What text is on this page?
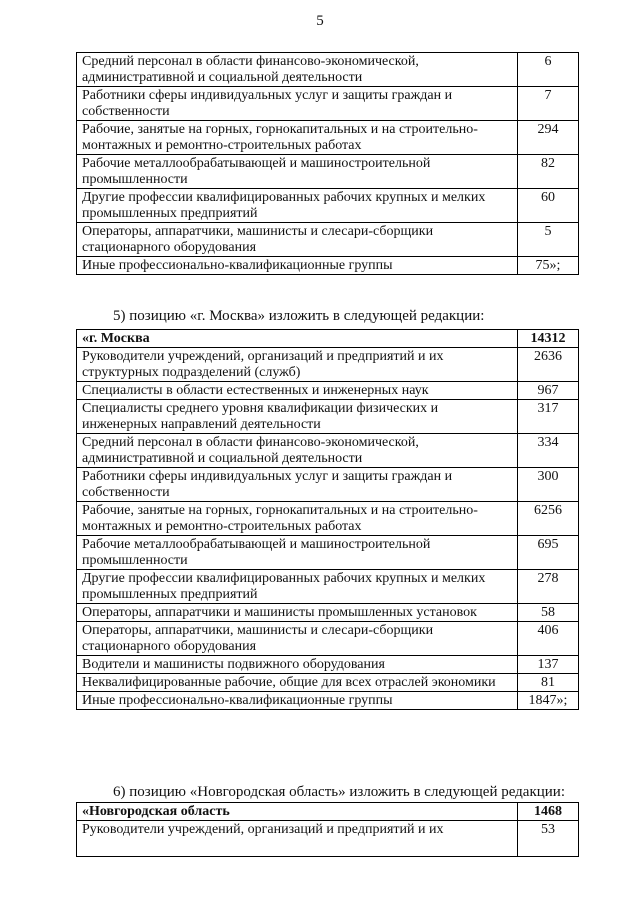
5
Средний персонал в области финансово-экономической, административной и социальной деятельности	6
Работники сферы индивидуальных услуг и защиты граждан и собственности	7
Рабочие, занятые на горных, горнокапитальных и на строительно-монтажных и ремонтно-строительных работах	294
Рабочие металлообрабатывающей и машиностроительной промышленности	82
Другие профессии квалифицированных рабочих крупных и мелких промышленных предприятий	60
Операторы, аппаратчики, машинисты и слесари-сборщики стационарного оборудования	5
Иные профессионально-квалификационные группы	75»;
5) позицию «г. Москва» изложить в следующей редакции:
«г. Москва	14312
Руководители учреждений, организаций и предприятий и их структурных подразделений (служб)	2636
Специалисты в области естественных и инженерных наук	967
Специалисты среднего уровня квалификации физических и инженерных направлений деятельности	317
Средний персонал в области финансово-экономической, административной и социальной деятельности	334
Работники сферы индивидуальных услуг и защиты граждан и собственности	300
Рабочие, занятые на горных, горнокапитальных и на строительно-монтажных и ремонтно-строительных работах	6256
Рабочие металлообрабатывающей и машиностроительной промышленности	695
Другие профессии квалифицированных рабочих крупных и мелких промышленных предприятий	278
Операторы, аппаратчики и машинисты промышленных установок	58
Операторы, аппаратчики, машинисты и слесари-сборщики стационарного оборудования	406
Водители и машинисты подвижного оборудования	137
Неквалифицированные рабочие, общие для всех отраслей экономики	81
Иные профессионально-квалификационные группы	1847»;
6) позицию «Новгородская область» изложить в следующей редакции:
«Новгородская область	1468
Руководители учреждений, организаций и предприятий и их	53
